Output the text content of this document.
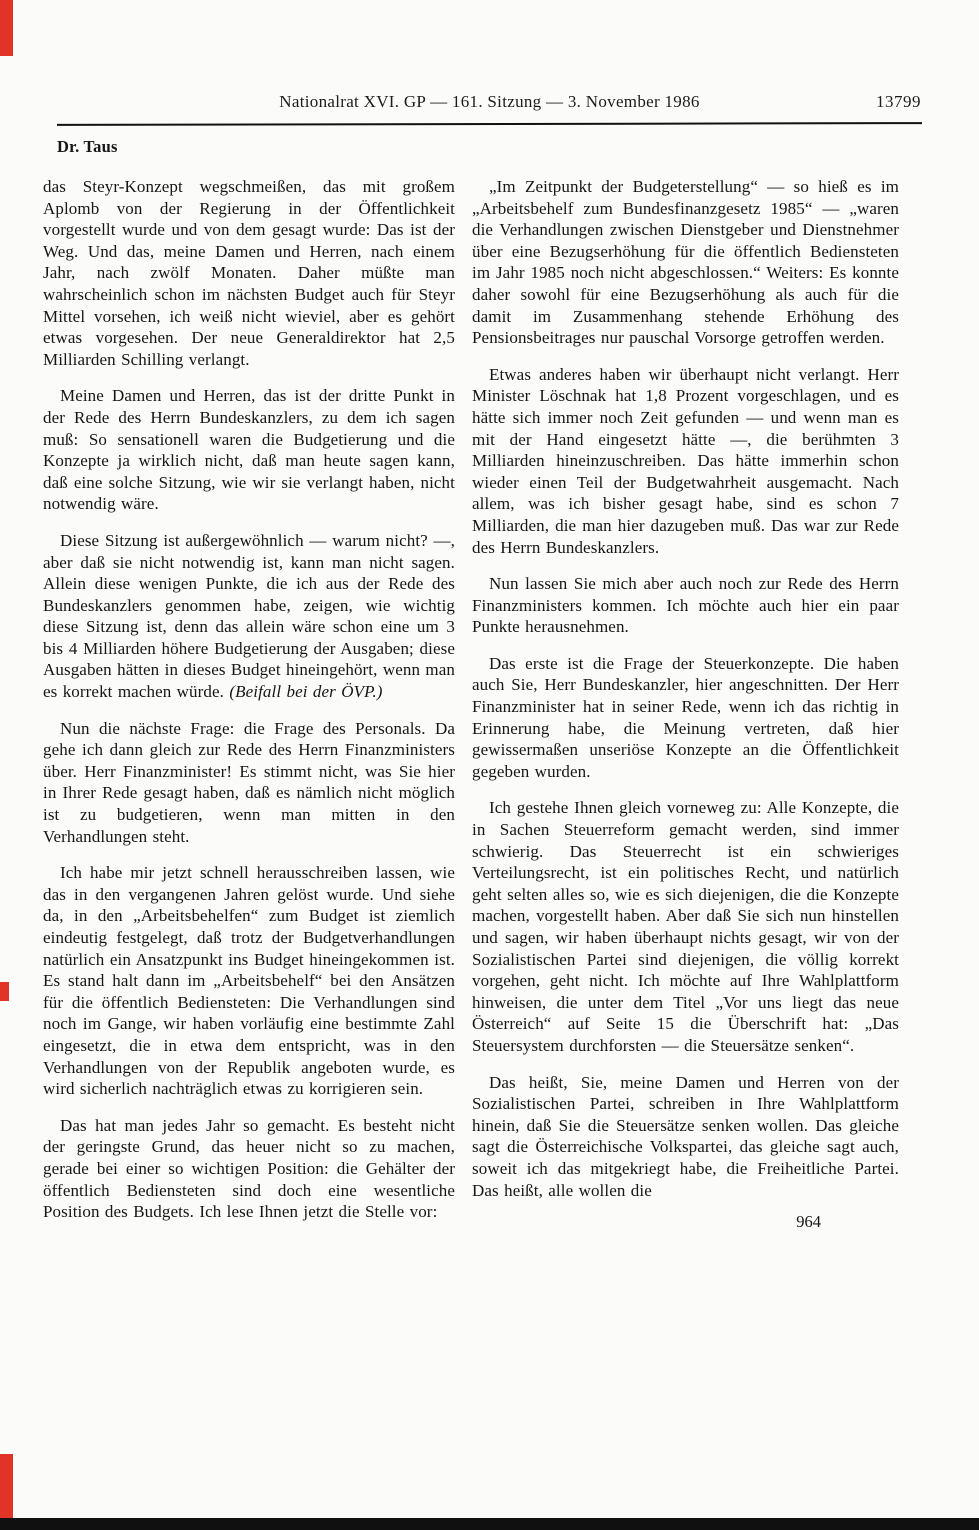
Nationalrat XVI. GP — 161. Sitzung — 3. November 1986	13799

Dr. Taus

das Steyr-Konzept wegschmeißen, das mit großem Aplomb von der Regierung in der Öffentlichkeit vorgestellt wurde und von dem gesagt wurde: Das ist der Weg. Und das, meine Damen und Herren, nach einem Jahr, nach zwölf Monaten. Daher müßte man wahrscheinlich schon im nächsten Budget auch für Steyr Mittel vorsehen, ich weiß nicht wieviel, aber es gehört etwas vorgesehen. Der neue Generaldirektor hat 2,5 Milliarden Schilling verlangt.

Meine Damen und Herren, das ist der dritte Punkt in der Rede des Herrn Bundeskanzlers, zu dem ich sagen muß: So sensationell waren die Budgetierung und die Konzepte ja wirklich nicht, daß man heute sagen kann, daß eine solche Sitzung, wie wir sie verlangt haben, nicht notwendig wäre.

Diese Sitzung ist außergewöhnlich — warum nicht? —, aber daß sie nicht notwendig ist, kann man nicht sagen. Allein diese wenigen Punkte, die ich aus der Rede des Bundeskanzlers genommen habe, zeigen, wie wichtig diese Sitzung ist, denn das allein wäre schon eine um 3 bis 4 Milliarden höhere Budgetierung der Ausgaben; diese Ausgaben hätten in dieses Budget hineingehört, wenn man es korrekt machen würde. (Beifall bei der ÖVP.)

Nun die nächste Frage: die Frage des Personals. Da gehe ich dann gleich zur Rede des Herrn Finanzministers über. Herr Finanzminister! Es stimmt nicht, was Sie hier in Ihrer Rede gesagt haben, daß es nämlich nicht möglich ist zu budgetieren, wenn man mitten in den Verhandlungen steht.

Ich habe mir jetzt schnell herausschreiben lassen, wie das in den vergangenen Jahren gelöst wurde. Und siehe da, in den „Arbeitsbehelfen“ zum Budget ist ziemlich eindeutig festgelegt, daß trotz der Budgetverhandlungen natürlich ein Ansatzpunkt ins Budget hineingekommen ist. Es stand halt dann im „Arbeitsbehelf“ bei den Ansätzen für die öffentlich Bediensteten: Die Verhandlungen sind noch im Gange, wir haben vorläufig eine bestimmte Zahl eingesetzt, die in etwa dem entspricht, was in den Verhandlungen von der Republik angeboten wurde, es wird sicherlich nachträglich etwas zu korrigieren sein.

Das hat man jedes Jahr so gemacht. Es besteht nicht der geringste Grund, das heuer nicht so zu machen, gerade bei einer so wichtigen Position: die Gehälter der öffentlich Bediensteten sind doch eine wesentliche Position des Budgets. Ich lese Ihnen jetzt die Stelle vor:

„Im Zeitpunkt der Budgeterstellung“ — so hieß es im „Arbeitsbehelf zum Bundesfinanzgesetz 1985“ — „waren die Verhandlungen zwischen Dienstgeber und Dienstnehmer über eine Bezugserhöhung für die öffentlich Bediensteten im Jahr 1985 noch nicht abgeschlossen.“ Weiters: Es konnte daher sowohl für eine Bezugserhöhung als auch für die damit im Zusammenhang stehende Erhöhung des Pensionsbeitrages nur pauschal Vorsorge getroffen werden.

Etwas anderes haben wir überhaupt nicht verlangt. Herr Minister Löschnak hat 1,8 Prozent vorgeschlagen, und es hätte sich immer noch Zeit gefunden — und wenn man es mit der Hand eingesetzt hätte —, die berühmten 3 Milliarden hineinzuschreiben. Das hätte immerhin schon wieder einen Teil der Budgetwahrheit ausgemacht. Nach allem, was ich bisher gesagt habe, sind es schon 7 Milliarden, die man hier dazugeben muß. Das war zur Rede des Herrn Bundeskanzlers.

Nun lassen Sie mich aber auch noch zur Rede des Herrn Finanzministers kommen. Ich möchte auch hier ein paar Punkte herausnehmen.

Das erste ist die Frage der Steuerkonzepte. Die haben auch Sie, Herr Bundeskanzler, hier angeschnitten. Der Herr Finanzminister hat in seiner Rede, wenn ich das richtig in Erinnerung habe, die Meinung vertreten, daß hier gewissermaßen unseriöse Konzepte an die Öffentlichkeit gegeben wurden.

Ich gestehe Ihnen gleich vorneweg zu: Alle Konzepte, die in Sachen Steuerreform gemacht werden, sind immer schwierig. Das Steuerrecht ist ein schwieriges Verteilungsrecht, ist ein politisches Recht, und natürlich geht selten alles so, wie es sich diejenigen, die die Konzepte machen, vorgestellt haben. Aber daß Sie sich nun hinstellen und sagen, wir haben überhaupt nichts gesagt, wir von der Sozialistischen Partei sind diejenigen, die völlig korrekt vorgehen, geht nicht. Ich möchte auf Ihre Wahlplattform hinweisen, die unter dem Titel „Vor uns liegt das neue Österreich“ auf Seite 15 die Überschrift hat: „Das Steuersystem durchforsten — die Steuersätze senken“.

Das heißt, Sie, meine Damen und Herren von der Sozialistischen Partei, schreiben in Ihre Wahlplattform hinein, daß Sie die Steuersätze senken wollen. Das gleiche sagt die Österreichische Volkspartei, das gleiche sagt auch, soweit ich das mitgekriegt habe, die Freiheitliche Partei. Das heißt, alle wollen die

964
